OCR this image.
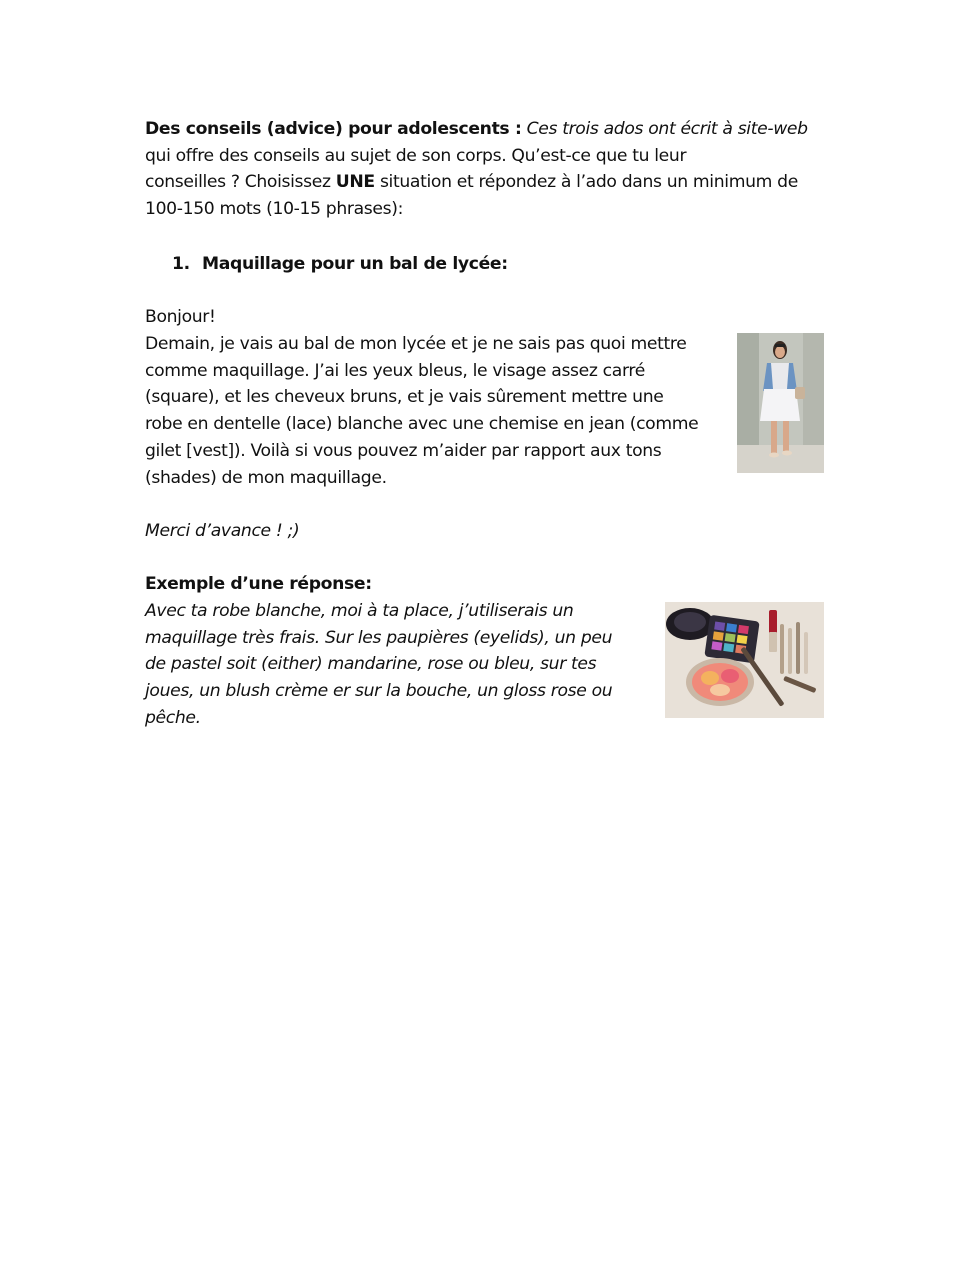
Des conseils (advice) pour adolescents : Ces trois ados ont écrit à site-web
qui offre des conseils au sujet de son corps. Qu’est-ce que tu leur
conseilles ? Choisissez UNE situation et répondez à l’ado dans un minimum de
100-150 mots (10-15 phrases):
1. Maquillage pour un bal de lycée:
Bonjour!
Demain, je vais au bal de mon lycée et je ne sais pas quoi mettre
comme maquillage. J’ai les yeux bleus, le visage assez carré
(square), et les cheveux bruns, et je vais sûrement mettre une
robe en dentelle (lace) blanche avec une chemise en jean (comme
gilet [vest]). Voilà si vous pouvez m’aider par rapport aux tons
(shades) de mon maquillage.
Merci d’avance ! ;)
Exemple d’une réponse:
Avec ta robe blanche, moi à ta place, j’utiliserais un
maquillage très frais. Sur les paupières (eyelids), un peu
de pastel soit (either) mandarine, rose ou bleu, sur tes
joues, un blush crème er sur la bouche, un gloss rose ou
pêche.
